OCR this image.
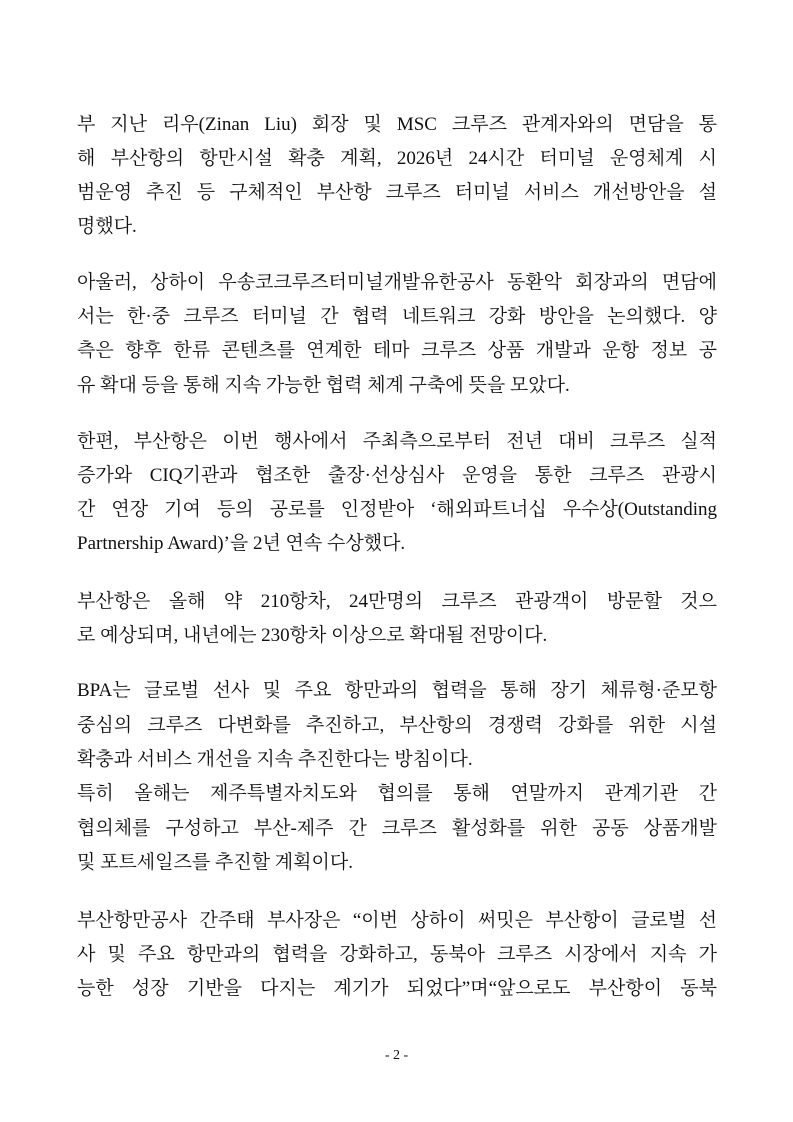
부 지난 리우(Zinan Liu) 회장 및 MSC 크루즈 관계자와의 면담을 통
해 부산항의 항만시설 확충 계획, 2026년 24시간 터미널 운영체계 시
범운영 추진 등 구체적인 부산항 크루즈 터미널 서비스 개선방안을 설
명했다.
아울러, 상하이 우송코크루즈터미널개발유한공사 동환악 회장과의 면담에
서는 한·중 크루즈 터미널 간 협력 네트워크 강화 방안을 논의했다. 양
측은 향후 한류 콘텐츠를 연계한 테마 크루즈 상품 개발과 운항 정보 공
유 확대 등을 통해 지속 가능한 협력 체계 구축에 뜻을 모았다.
한편, 부산항은 이번 행사에서 주최측으로부터 전년 대비 크루즈 실적
증가와 CIQ기관과 협조한 출장·선상심사 운영을 통한 크루즈 관광시
간 연장 기여 등의 공로를 인정받아 ‘해외파트너십 우수상(Outstanding
Partnership Award)’을 2년 연속 수상했다.
부산항은 올해 약 210항차, 24만명의 크루즈 관광객이 방문할 것으
로 예상되며, 내년에는 230항차 이상으로 확대될 전망이다.
BPA는 글로벌 선사 및 주요 항만과의 협력을 통해 장기 체류형·준모항
중심의 크루즈 다변화를 추진하고, 부산항의 경쟁력 강화를 위한 시설
확충과 서비스 개선을 지속 추진한다는 방침이다.
특히 올해는 제주특별자치도와 협의를 통해 연말까지 관계기관 간
협의체를 구성하고 부산-제주 간 크루즈 활성화를 위한 공동 상품개발
및 포트세일즈를 추진할 계획이다.
부산항만공사 간주태 부사장은 “이번 상하이 써밋은 부산항이 글로벌 선
사 및 주요 항만과의 협력을 강화하고, 동북아 크루즈 시장에서 지속 가
능한 성장 기반을 다지는 계기가 되었다”며“앞으로도 부산항이 동북
- 2 -
